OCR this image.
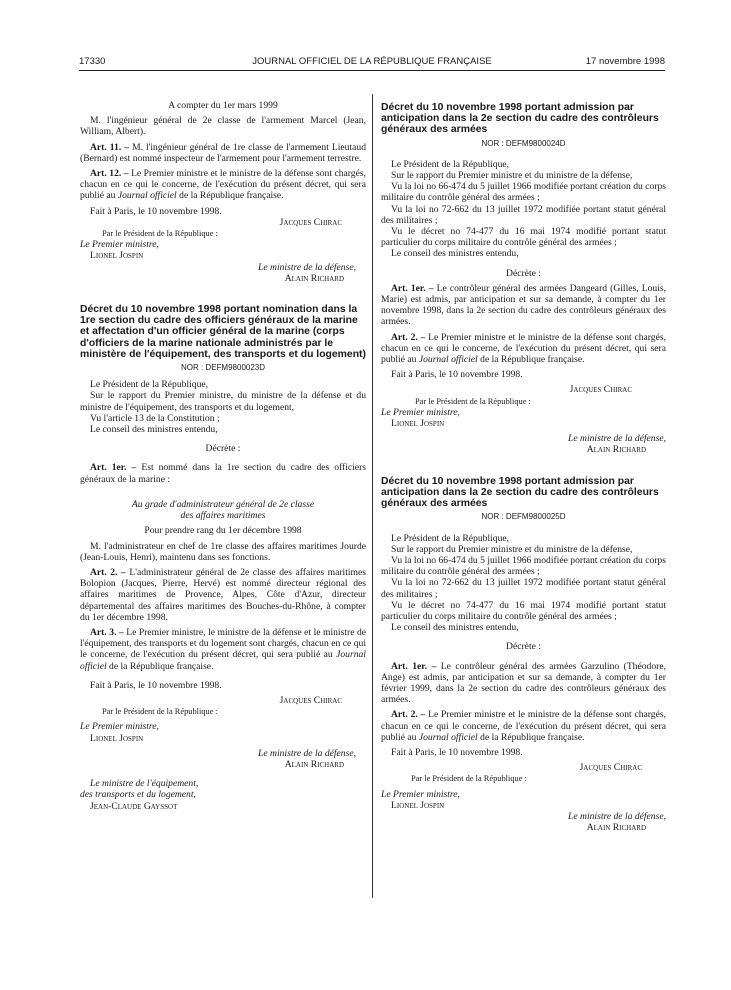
17330	JOURNAL OFFICIEL DE LA RÉPUBLIQUE FRANÇAISE	17 novembre 1998

A compter du 1er mars 1999

M. l'ingénieur général de 2e classe de l'armement Marcel (Jean, William, Albert).

Art. 11. – M. l'ingénieur général de 1re classe de l'armement Lieutaud (Bernard) est nommé inspecteur de l'armement pour l'armement terrestre.

Art. 12. – Le Premier ministre et le ministre de la défense sont chargés, chacun en ce qui le concerne, de l'exécution du présent décret, qui sera publié au Journal officiel de la République française.

Fait à Paris, le 10 novembre 1998.

Jacques Chirac

Par le Président de la République :

Le Premier ministre,

Lionel Jospin

Le ministre de la défense,

Alain Richard

Décret du 10 novembre 1998 portant nomination dans la 1re section du cadre des officiers généraux de la marine et affectation d'un officier général de la marine (corps d'officiers de la marine nationale administrés par le ministère de l'équipement, des transports et du logement)

NOR : DEFM9800023D

Le Président de la République,

Sur le rapport du Premier ministre, du ministre de la défense et du ministre de l'équipement, des transports et du logement,

Vu l'article 13 de la Constitution ;

Le conseil des ministres entendu,

Décrète :

Art. 1er. – Est nommé dans la 1re section du cadre des officiers généraux de la marine :

Au grade d'administrateur général de 2e classe

des affaires maritimes

Pour prendre rang du 1er décembre 1998

M. l'administrateur en chef de 1re classe des affaires maritimes Jourde (Jean-Louis, Henri), maintenu dans ses fonctions.

Art. 2. – L'administrateur général de 2e classe des affaires maritimes Bolopion (Jacques, Pierre, Hervé) est nommé directeur régional des affaires maritimes de Provence, Alpes, Côte d'Azur, directeur départemental des affaires maritimes des Bouches-du-Rhône, à compter du 1er décembre 1998.

Art. 3. – Le Premier ministre, le ministre de la défense et le ministre de l'équipement, des transports et du logement sont chargés, chacun en ce qui le concerne, de l'exécution du présent décret, qui sera publié au Journal officiel de la République française.

Fait à Paris, le 10 novembre 1998.

Jacques Chirac

Par le Président de la République :

Le Premier ministre,

Lionel Jospin

Le ministre de la défense,

Alain Richard

Le ministre de l'équipement,

des transports et du logement,

Jean-Claude Gayssot

Décret du 10 novembre 1998 portant admission par anticipation dans la 2e section du cadre des contrôleurs généraux des armées

NOR : DEFM9800024D

Le Président de la République,

Sur le rapport du Premier ministre et du ministre de la défense,

Vu la loi no 66-474 du 5 juillet 1966 modifiée portant création du corps militaire du contrôle général des armées ;

Vu la loi no 72-662 du 13 juillet 1972 modifiée portant statut général des militaires ;

Vu le décret no 74-477 du 16 mai 1974 modifié portant statut particulier du corps militaire du contrôle général des armées ;

Le conseil des ministres entendu,

Décrète :

Art. 1er. – Le contrôleur général des armées Dangeard (Gilles, Louis, Marie) est admis, par anticipation et sur sa demande, à compter du 1er novembre 1998, dans la 2e section du cadre des contrôleurs généraux des armées.

Art. 2. – Le Premier ministre et le ministre de la défense sont chargés, chacun en ce qui le concerne, de l'exécution du présent décret, qui sera publié au Journal officiel de la République française.

Fait à Paris, le 10 novembre 1998.

Jacques Chirac

Par le Président de la République :

Le Premier ministre,

Lionel Jospin

Le ministre de la défense,

Alain Richard

Décret du 10 novembre 1998 portant admission par anticipation dans la 2e section du cadre des contrôleurs généraux des armées

NOR : DEFM9800025D

Le Président de la République,

Sur le rapport du Premier ministre et du ministre de la défense,

Vu la loi no 66-474 du 5 juillet 1966 modifiée portant création du corps militaire du contrôle général des armées ;

Vu la loi no 72-662 du 13 juillet 1972 modifiée portant statut général des militaires ;

Vu le décret no 74-477 du 16 mai 1974 modifié portant statut particulier du corps militaire du contrôle général des armées ;

Le conseil des ministres entendu,

Décrète :

Art. 1er. – Le contrôleur général des armées Garzulino (Théodore, Ange) est admis, par anticipation et sur sa demande, à compter du 1er février 1999, dans la 2e section du cadre des contrôleurs généraux des armées.

Art. 2. – Le Premier ministre et le ministre de la défense sont chargés, chacun en ce qui le concerne, de l'exécution du présent décret, qui sera publié au Journal officiel de la République française.

Fait à Paris, le 10 novembre 1998.

Jacques Chirac

Par le Président de la République :

Le Premier ministre,

Lionel Jospin

Le ministre de la défense,

Alain Richard
